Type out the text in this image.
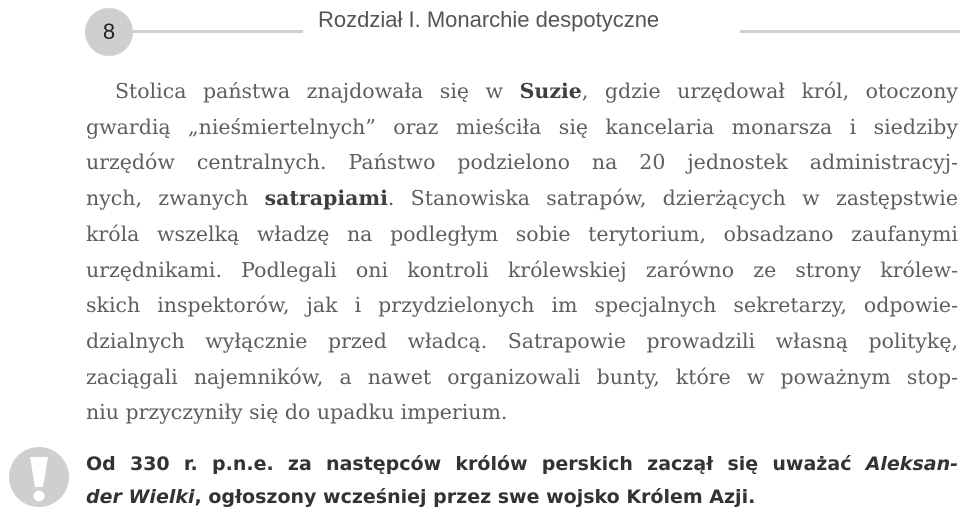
8	Rozdział I. Monarchie despotyczne

Stolica państwa znajdowała się w Suzie, gdzie urzędował król, otoczony
gwardią „nieśmiertelnych” oraz mieściła się kancelaria monarsza i siedziby
urzędów centralnych. Państwo podzielono na 20 jednostek administracyj-
nych, zwanych satrapiami. Stanowiska satrapów, dzierżących w zastępstwie
króla wszelką władzę na podległym sobie terytorium, obsadzano zaufanymi
urzędnikami. Podlegali oni kontroli królewskiej zarówno ze strony królew-
skich inspektorów, jak i przydzielonych im specjalnych sekretarzy, odpowie-
dzialnych wyłącznie przed władcą. Satrapowie prowadzili własną politykę,
zaciągali najemników, a nawet organizowali bunty, które w poważnym stop-
niu przyczyniły się do upadku imperium.

Od 330 r. p.n.e. za następców królów perskich zaczął się uważać Aleksan-
der Wielki, ogłoszony wcześniej przez swe wojsko Królem Azji.
